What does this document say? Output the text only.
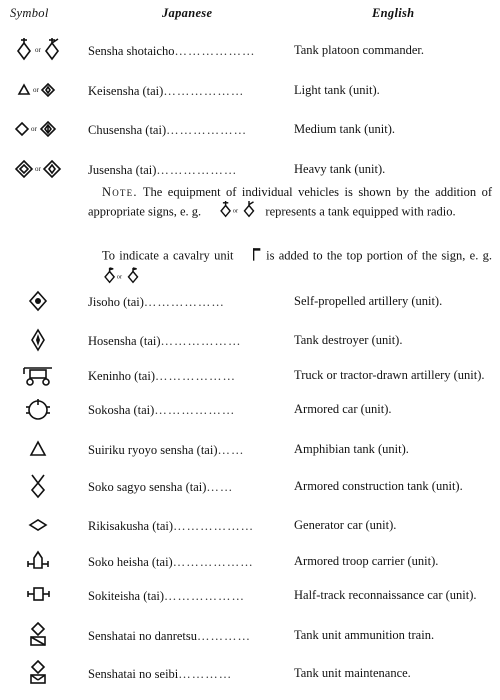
Symbol	Japanese	English
or	Sensha shotaicho………………	Tank platoon commander.
or	Keisensha (tai)………………	Light tank (unit).
or	Chusensha (tai)………………	Medium tank (unit).
or	Jusensha (tai)………………	Heavy tank (unit).
Note. The equipment of individual vehicles is shown by the addition of appropriate signs, e. g.	or represents a tank equipped with radio.
To indicate a cavalry unit	is added to the top portion of the sign, e. g.
or
Jisoho (tai)………………	Self-propelled artillery (unit).
Hosensha (tai)………………	Tank destroyer (unit).
Keninho (tai)………………	Truck or tractor-drawn artillery (unit).
Sokosha (tai)………………	Armored car (unit).
Suiriku ryoyo sensha (tai)……	Amphibian tank (unit).
Soko sagyo sensha (tai)……	Armored construction tank (unit).
Rikisakusha (tai)………………	Generator car (unit).
Soko heisha (tai)………………	Armored troop carrier (unit).
Sokiteisha (tai)………………	Half-track reconnaissance car (unit).
Senshatai no danretsu…………	Tank unit ammunition train.
Senshatai no seibi…………	Tank unit maintenance.
